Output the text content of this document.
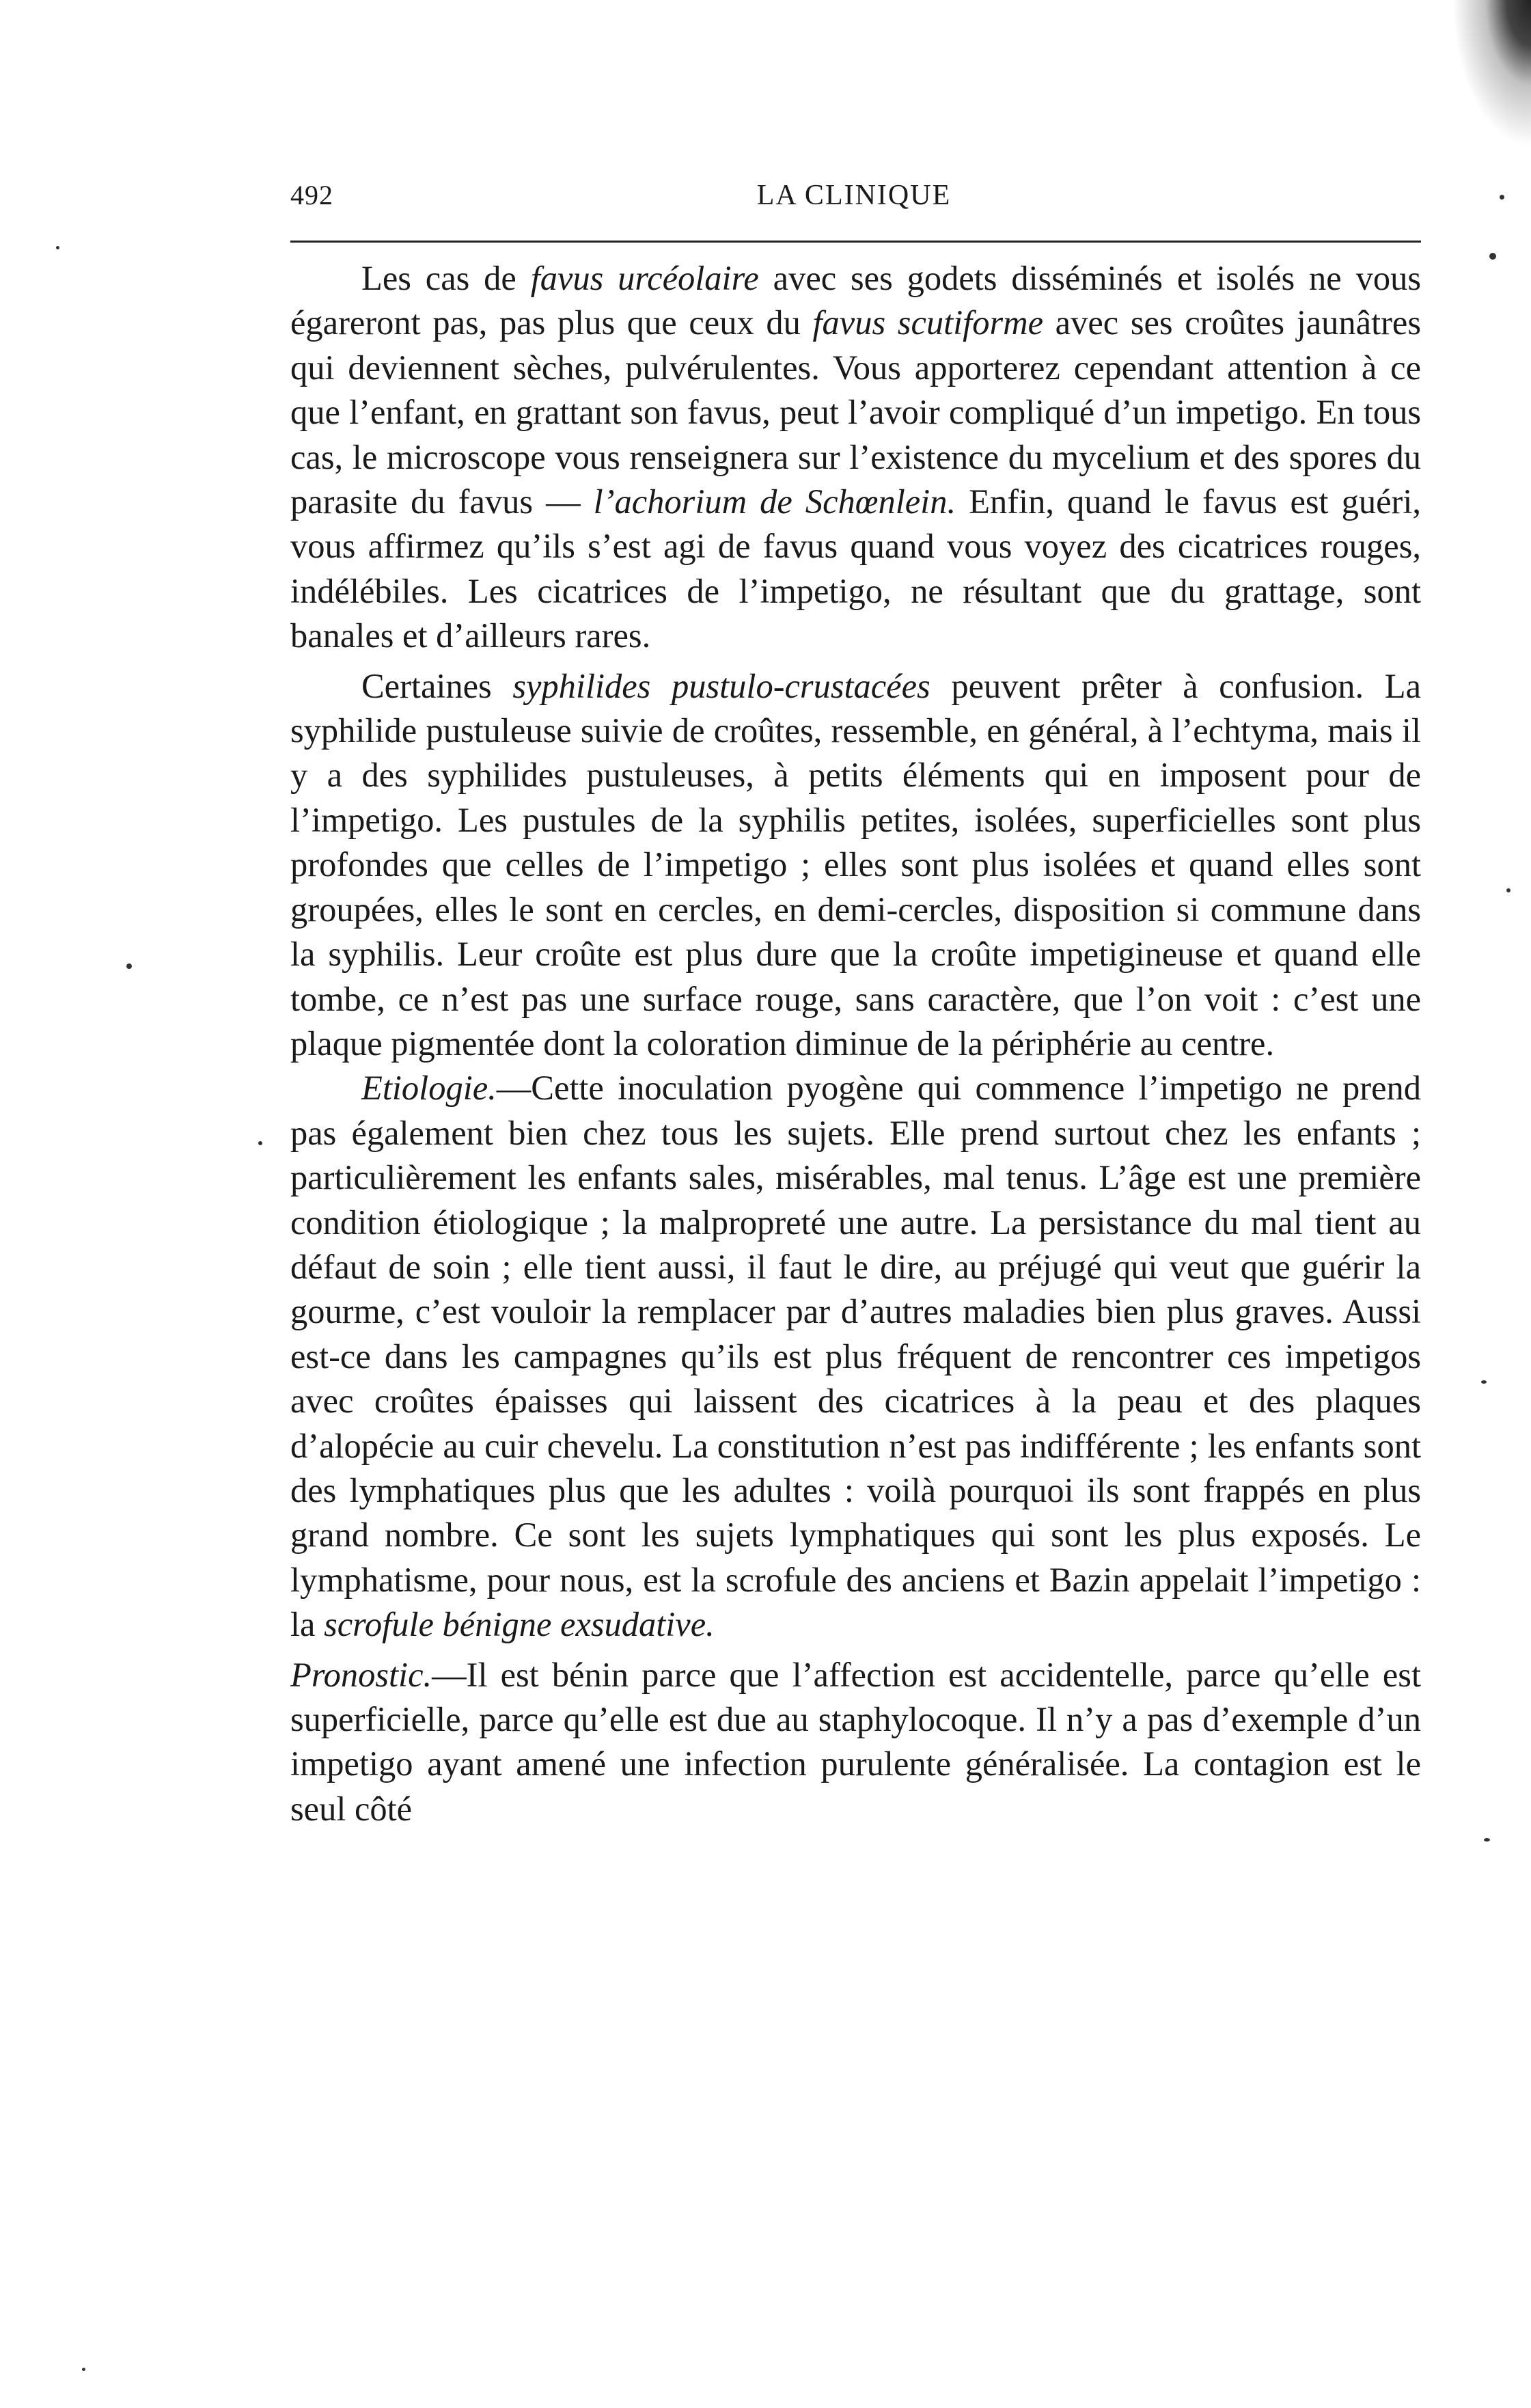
492	LA CLINIQUE

Les cas de favus urcéolaire avec ses godets disséminés et isolés ne vous égareront pas, pas plus que ceux du favus scutiforme avec ses croûtes jaunâtres qui deviennent sèches, pulvérulentes. Vous apporterez cependant attention à ce que l’enfant, en grattant son favus, peut l’avoir compliqué d’un impetigo. En tous cas, le microscope vous renseignera sur l’existence du mycelium et des spores du parasite du favus — l’achorium de Schœnlein. Enfin, quand le favus est guéri, vous affirmez qu’ils s’est agi de favus quand vous voyez des cicatrices rouges, indélébiles. Les cicatrices de l’impetigo, ne résultant que du grattage, sont banales et d’ailleurs rares.

Certaines syphilides pustulo-crustacées peuvent prêter à confusion. La syphilide pustuleuse suivie de croûtes, ressemble, en général, à l’echtyma, mais il y a des syphilides pustuleuses, à petits éléments qui en imposent pour de l’impetigo. Les pustules de la syphilis petites, isolées, superficielles sont plus profondes que celles de l’impetigo ; elles sont plus isolées et quand elles sont groupées, elles le sont en cercles, en demi-cercles, disposition si commune dans la syphilis. Leur croûte est plus dure que la croûte impetigineuse et quand elle tombe, ce n’est pas une surface rouge, sans caractère, que l’on voit : c’est une plaque pigmentée dont la coloration diminue de la périphérie au centre.

Etiologie.—Cette inoculation pyogène qui commence l’impetigo ne prend pas également bien chez tous les sujets. Elle prend surtout chez les enfants ; particulièrement les enfants sales, misérables, mal tenus. L’âge est une première condition étiologique ; la malpropreté une autre. La persistance du mal tient au défaut de soin ; elle tient aussi, il faut le dire, au préjugé qui veut que guérir la gourme, c’est vouloir la remplacer par d’autres maladies bien plus graves. Aussi est-ce dans les campagnes qu’ils est plus fréquent de rencontrer ces impetigos avec croûtes épaisses qui laissent des cicatrices à la peau et des plaques d’alopécie au cuir chevelu. La constitution n’est pas indifférente ; les enfants sont des lymphatiques plus que les adultes : voilà pourquoi ils sont frappés en plus grand nombre. Ce sont les sujets lymphatiques qui sont les plus exposés. Le lymphatisme, pour nous, est la scrofule des anciens et Bazin appelait l’impetigo : la scrofule bénigne exsudative.

Pronostic.—Il est bénin parce que l’affection est accidentelle, parce qu’elle est superficielle, parce qu’elle est due au staphylocoque. Il n’y a pas d’exemple d’un impetigo ayant amené une infection purulente généralisée. La contagion est le seul côté
